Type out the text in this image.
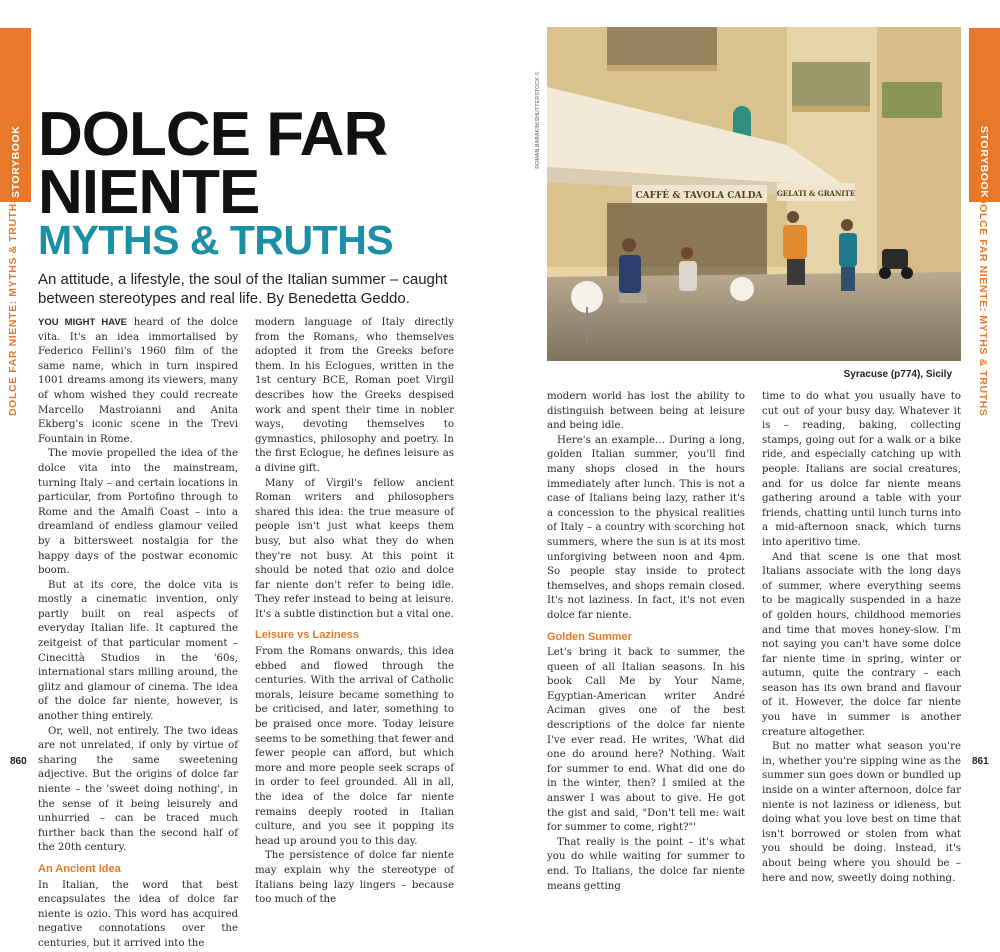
STORYBOOK
DOLCE FAR NIENTE: MYTHS & TRUTHS
STORYBOOK
DOLCE FAR NIENTE: MYTHS & TRUTHS
DOLCE FAR
NIENTE
MYTHS & TRUTHS
An attitude, a lifestyle, the soul of the Italian summer – caught between stereotypes and real life. By Benedetta Geddo.

YOU MIGHT HAVE heard of the dolce vita. It's an idea immortalised by Federico Fellini's 1960 film of the same name, which in turn inspired 1001 dreams among its viewers, many of whom wished they could recreate Marcello Mastroianni and Anita Ekberg's iconic scene in the Trevi Fountain in Rome.

The movie propelled the idea of the dolce vita into the mainstream, turning Italy – and certain locations in particular, from Portofino through to Rome and the Amalfi Coast – into a dreamland of endless glamour veiled by a bittersweet nostalgia for the happy days of the postwar economic boom.

But at its core, the dolce vita is mostly a cinematic invention, only partly built on real aspects of everyday Italian life. It captured the zeitgeist of that particular moment – Cinecittà Studios in the '60s, international stars milling around, the glitz and glamour of cinema. The idea of the dolce far niente, however, is another thing entirely.

Or, well, not entirely. The two ideas are not unrelated, if only by virtue of sharing the same sweetening adjective. But the origins of dolce far niente – the 'sweet doing nothing', in the sense of it being leisurely and unhurried – can be traced much further back than the second half of the 20th century.

An Ancient Idea

In Italian, the word that best encapsulates the idea of dolce far niente is ozio. This word has acquired negative connotations over the centuries, but it arrived into the

modern language of Italy directly from the Romans, who themselves adopted it from the Greeks before them. In his Eclogues, written in the 1st century BCE, Roman poet Virgil describes how the Greeks despised work and spent their time in nobler ways, devoting themselves to gymnastics, philosophy and poetry. In the first Eclogue, he defines leisure as a divine gift.

Many of Virgil's fellow ancient Roman writers and philosophers shared this idea: the true measure of people isn't just what keeps them busy, but also what they do when they're not busy. At this point it should be noted that ozio and dolce far niente don't refer to being idle. They refer instead to being at leisure. It's a subtle distinction but a vital one.

Leisure vs Laziness

From the Romans onwards, this idea ebbed and flowed through the centuries. With the arrival of Catholic morals, leisure became something to be criticised, and later, something to be praised once more. Today leisure seems to be something that fewer and fewer people can afford, but which more and more people seek scraps of in order to feel grounded. All in all, the idea of the dolce far niente remains deeply rooted in Italian culture, and you see it popping its head up around you to this day.

The persistence of dolce far niente may explain why the stereotype of Italians being lazy lingers – because too much of the

CAFFÈ & TAVOLA CALDA GELATI & GRANITE
ROMAN BABAKIN/SHUTTERSTOCK ©
Syracuse (p774), Sicily

modern world has lost the ability to distinguish between being at leisure and being idle.

Here's an example… During a long, golden Italian summer, you'll find many shops closed in the hours immediately after lunch. This is not a case of Italians being lazy, rather it's a concession to the physical realities of Italy – a country with scorching hot summers, where the sun is at its most unforgiving between noon and 4pm. So people stay inside to protect themselves, and shops remain closed. It's not laziness. In fact, it's not even dolce far niente.

Golden Summer

Let's bring it back to summer, the queen of all Italian seasons. In his book Call Me by Your Name, Egyptian-American writer André Aciman gives one of the best descriptions of the dolce far niente I've ever read. He writes, 'What did one do around here? Nothing. Wait for summer to end. What did one do in the winter, then? I smiled at the answer I was about to give. He got the gist and said, "Don't tell me: wait for summer to come, right?"'

That really is the point – it's what you do while waiting for summer to end. To Italians, the dolce far niente means getting

time to do what you usually have to cut out of your busy day. Whatever it is – reading, baking, collecting stamps, going out for a walk or a bike ride, and especially catching up with people. Italians are social creatures, and for us dolce far niente means gathering around a table with your friends, chatting until lunch turns into a mid-afternoon snack, which turns into aperitivo time.

And that scene is one that most Italians associate with the long days of summer, where everything seems to be magically suspended in a haze of golden hours, childhood memories and time that moves honey-slow. I'm not saying you can't have some dolce far niente time in spring, winter or autumn, quite the contrary – each season has its own brand and flavour of it. However, the dolce far niente you have in summer is another creature altogether.

But no matter what season you're in, whether you're sipping wine as the summer sun goes down or bundled up inside on a winter afternoon, dolce far niente is not laziness or idleness, but doing what you love best on time that isn't borrowed or stolen from what you should be doing. Instead, it's about being where you should be – here and now, sweetly doing nothing.

860	861
